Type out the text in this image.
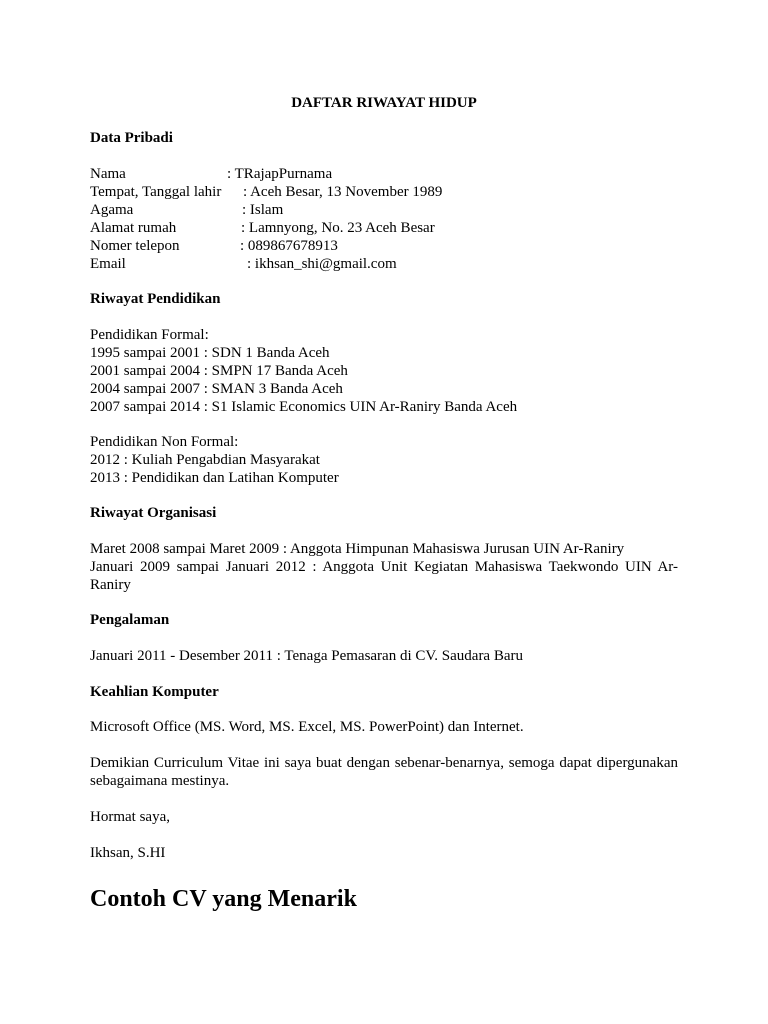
DAFTAR RIWAYAT HIDUP
Data Pribadi
Nama	: TRajapPurnama
Tempat, Tanggal lahir : Aceh Besar, 13 November 1989
Agama	: Islam
Alamat rumah	: Lamnyong, No. 23 Aceh Besar
Nomer telepon	: 089867678913
Email	: ikhsan_shi@gmail.com
Riwayat Pendidikan
Pendidikan Formal:
1995 sampai 2001 : SDN 1 Banda Aceh
2001 sampai 2004 : SMPN 17 Banda Aceh
2004 sampai 2007 : SMAN 3 Banda Aceh
2007 sampai 2014 : S1 Islamic Economics UIN Ar-Raniry Banda Aceh
Pendidikan Non Formal:
2012 : Kuliah Pengabdian Masyarakat
2013 : Pendidikan dan Latihan Komputer
Riwayat Organisasi
Maret 2008 sampai Maret 2009 : Anggota Himpunan Mahasiswa Jurusan UIN Ar-Raniry
Januari 2009 sampai Januari 2012 : Anggota Unit Kegiatan Mahasiswa Taekwondo UIN Ar-Raniry
Pengalaman
Januari 2011 - Desember 2011 : Tenaga Pemasaran di CV. Saudara Baru
Keahlian Komputer
Microsoft Office (MS. Word, MS. Excel, MS. PowerPoint) dan Internet.
Demikian Curriculum Vitae ini saya buat dengan sebenar-benarnya, semoga dapat dipergunakan sebagaimana mestinya.
Hormat saya,
Ikhsan, S.HI
Contoh CV yang Menarik
